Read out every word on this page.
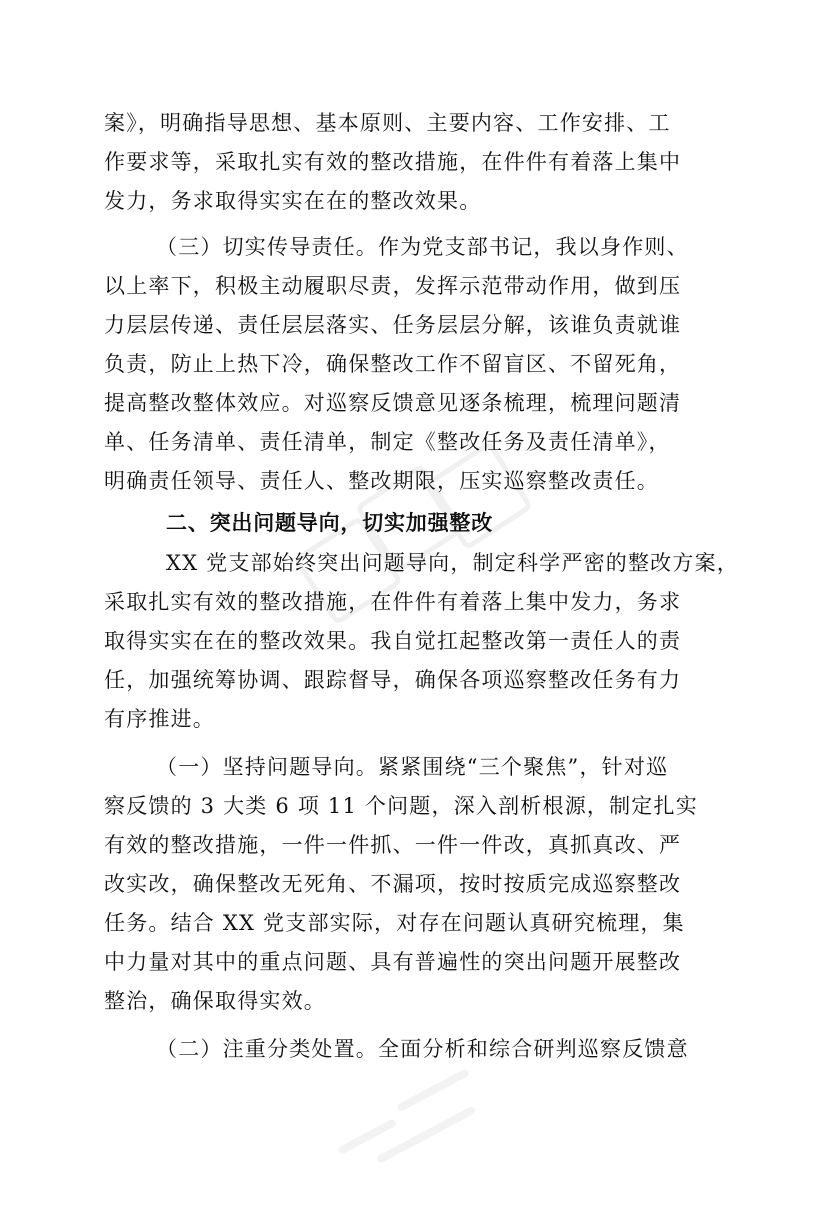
案》，明确指导思想、基本原则、主要内容、工作安排、工
作要求等，采取扎实有效的整改措施，在件件有着落上集中
发力，务求取得实实在在的整改效果。
（三）切实传导责任。作为党支部书记，我以身作则、
以上率下，积极主动履职尽责，发挥示范带动作用，做到压
力层层传递、责任层层落实、任务层层分解，该谁负责就谁
负责，防止上热下冷，确保整改工作不留盲区、不留死角，
提高整改整体效应。对巡察反馈意见逐条梳理，梳理问题清
单、任务清单、责任清单，制定《整改任务及责任清单》，
明确责任领导、责任人、整改期限，压实巡察整改责任。
二、突出问题导向，切实加强整改
XX 党支部始终突出问题导向，制定科学严密的整改方案，
采取扎实有效的整改措施，在件件有着落上集中发力，务求
取得实实在在的整改效果。我自觉扛起整改第一责任人的责
任，加强统筹协调、跟踪督导，确保各项巡察整改任务有力
有序推进。
（一）坚持问题导向。紧紧围绕“三个聚焦”，针对巡
察反馈的 3 大类 6 项 11 个问题，深入剖析根源，制定扎实
有效的整改措施，一件一件抓、一件一件改，真抓真改、严
改实改，确保整改无死角、不漏项，按时按质完成巡察整改
任务。结合 XX 党支部实际，对存在问题认真研究梳理，集
中力量对其中的重点问题、具有普遍性的突出问题开展整改
整治，确保取得实效。
（二）注重分类处置。全面分析和综合研判巡察反馈意
